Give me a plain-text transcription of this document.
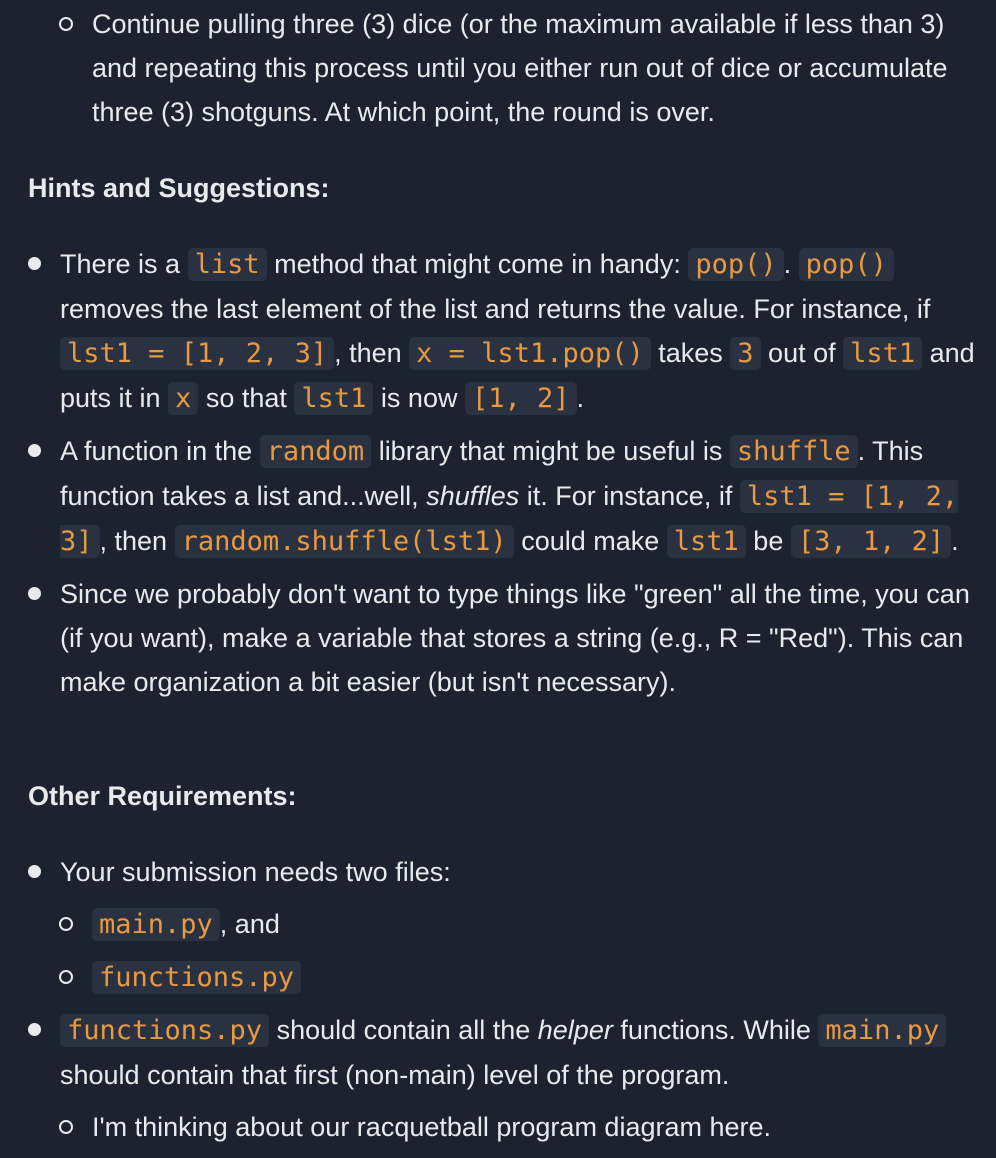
Continue pulling three (3) dice (or the maximum available if less than 3) and repeating this process until you either run out of dice or accumulate three (3) shotguns. At which point, the round is over.
Hints and Suggestions:
There is a list method that might come in handy: pop() . pop() removes the last element of the list and returns the value. For instance, if lst1 = [1, 2, 3] , then x = lst1.pop() takes 3 out of lst1 and puts it in x so that lst1 is now [1, 2] .
A function in the random library that might be useful is shuffle . This function takes a list and...well, shuffles it. For instance, if lst1 = [1, 2, 3] , then random.shuffle(lst1) could make lst1 be [3, 1, 2] .
Since we probably don't want to type things like "green" all the time, you can (if you want), make a variable that stores a string (e.g., R = "Red"). This can make organization a bit easier (but isn't necessary).
Other Requirements:
Your submission needs two files:
main.py , and
functions.py
functions.py should contain all the helper functions. While main.py should contain that first (non-main) level of the program.
I'm thinking about our racquetball program diagram here.
